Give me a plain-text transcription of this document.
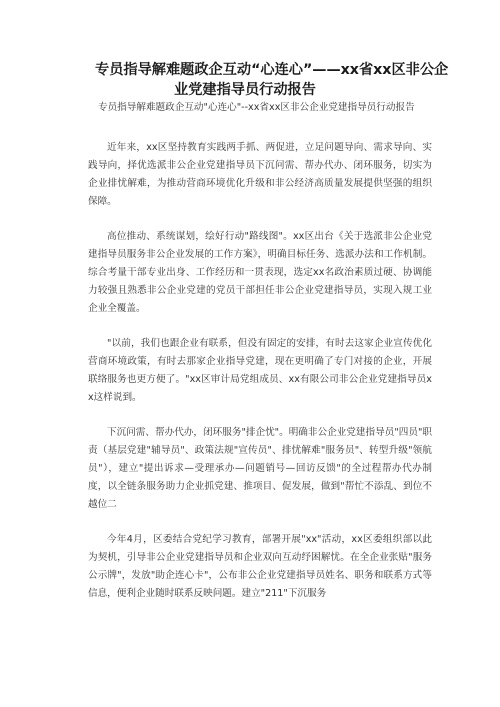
专员指导解难题政企互动“心连心”——xx省xx区非公企
业党建指导员行动报告

专员指导解难题政企互动"心连心"--xx省xx区非公企业党建指导员行动报告

近年来，xx区坚持教育实践两手抓、两促进，立足问题导向、需求导向、实践导向，择优选派非公企业党建指导员下沉问需、帮办代办、闭环服务，切实为企业排忧解难，为推动营商环境优化升级和非公经济高质量发展提供坚强的组织保障。

高位推动、系统谋划，绘好行动"路线图"。xx区出台《关于选派非公企业党建指导员服务非公企业发展的工作方案》，明确目标任务、选派办法和工作机制。综合考量干部专业出身、工作经历和一贯表现，选定xx名政治素质过硬、协调能力较强且熟悉非公企业党建的党员干部担任非公企业党建指导员，实现入规工业企业全覆盖。

"以前，我们也跟企业有联系，但没有固定的安排，有时去这家企业宣传优化营商环境政策，有时去那家企业指导党建，现在更明确了专门对接的企业，开展联络服务也更方便了。"xx区审计局党组成员、xx有限公司非公企业党建指导员xx这样说到。

下沉问需、帮办代办，闭环服务"排企忧"。明确非公企业党建指导员"四员"职责（基层党建"辅导员"、政策法规"宣传员"、排忧解难"服务员"、转型升级"领航员"），建立"提出诉求—受理承办—问题销号—回访反馈"的全过程帮办代办制度，以全链条服务助力企业抓党建、推项目、促发展，做到"帮忙不添乱、到位不越位二

今年4月，区委结合党纪学习教育，部署开展"xx"活动，xx区委组织部以此为契机，引导非公企业党建指导员和企业双向互动纾困解忧。在全企业张贴"服务公示牌"，发放"助企连心卡"，公布非公企业党建指导员姓名、职务和联系方式等信息，便利企业随时联系反映问题。建立"211"下沉服务
